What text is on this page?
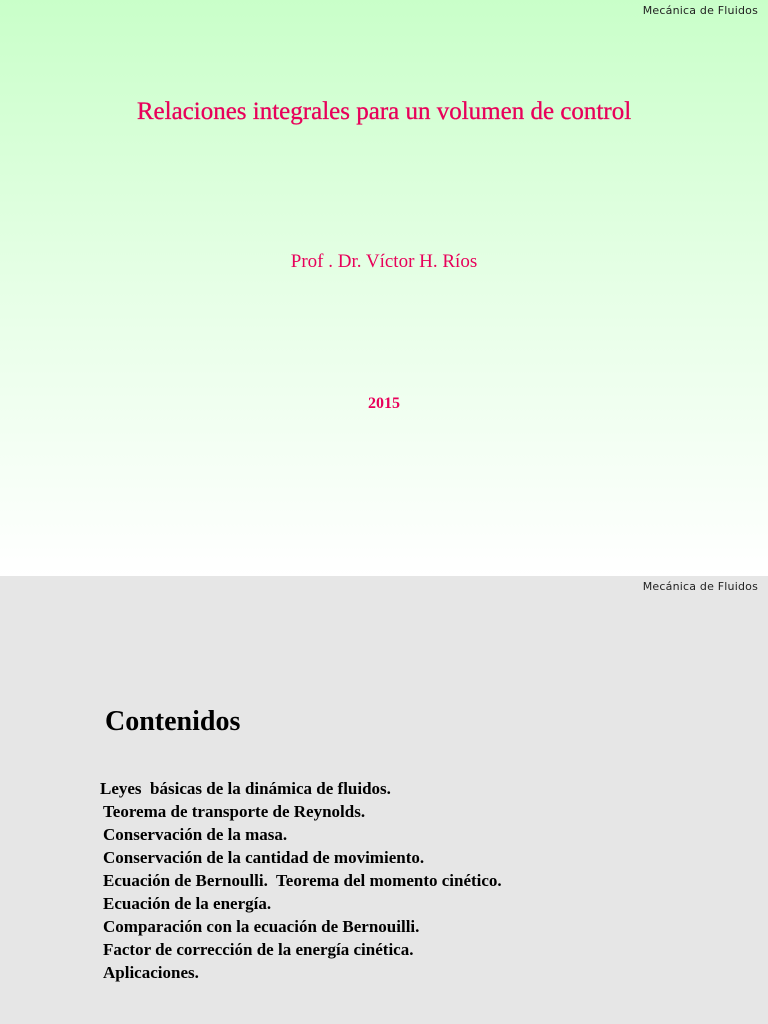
Mecánica de Fluidos
Relaciones integrales para un volumen de control
Prof . Dr. Víctor H. Ríos
2015
Mecánica de Fluidos
Contenidos
Leyes  básicas de la dinámica de fluidos.
Teorema de transporte de Reynolds.
Conservación de la masa.
Conservación de la cantidad de movimiento.
Ecuación de Bernoulli.  Teorema del momento cinético.
Ecuación de la energía.
Comparación con la ecuación de Bernouilli.
Factor de corrección de la energía cinética.
Aplicaciones.
